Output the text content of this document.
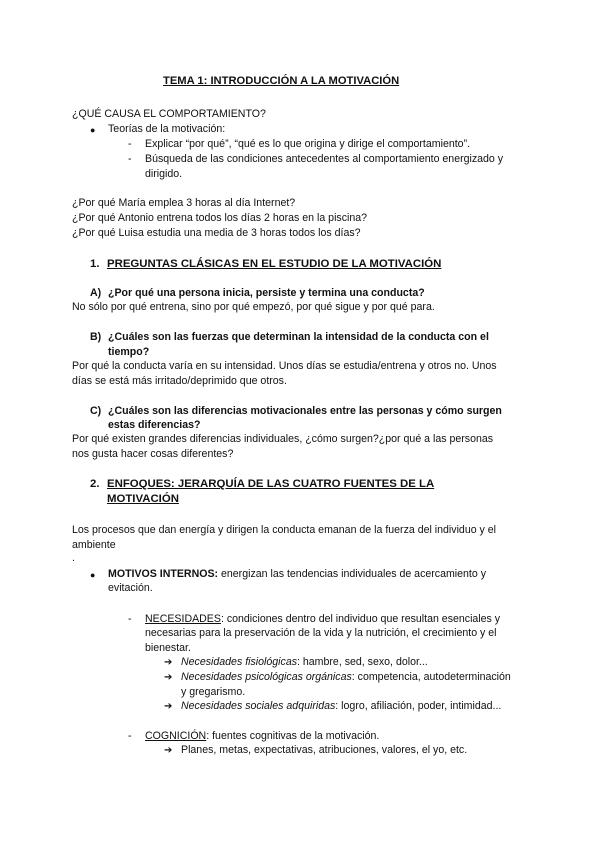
TEMA 1: INTRODUCCIÓN A LA MOTIVACIÓN
¿QUÉ CAUSA EL COMPORTAMIENTO?
● Teorías de la motivación:
- Explicar “por qué”, “qué es lo que origina y dirige el comportamiento”.
- Búsqueda de las condiciones antecedentes al comportamiento energizado y
dirigido.
¿Por qué María emplea 3 horas al día Internet?
¿Por qué Antonio entrena todos los días 2 horas en la piscina?
¿Por qué Luisa estudia una media de 3 horas todos los días?
1. PREGUNTAS CLÁSICAS EN EL ESTUDIO DE LA MOTIVACIÓN
A) ¿Por qué una persona inicia, persiste y termina una conducta?
No sólo por qué entrena, sino por qué empezó, por qué sigue y por qué para.
B) ¿Cuáles son las fuerzas que determinan la intensidad de la conducta con el
tiempo?
Por qué la conducta varía en su intensidad. Unos días se estudia/entrena y otros no. Unos
días se está más irritado/deprimido que otros.
C) ¿Cuáles son las diferencias motivacionales entre las personas y cómo surgen
estas diferencias?
Por qué existen grandes diferencias individuales, ¿cómo surgen?¿por qué a las personas
nos gusta hacer cosas diferentes?
2. ENFOQUES: JERARQUÍA DE LAS CUATRO FUENTES DE LA
MOTIVACIÓN
Los procesos que dan energía y dirigen la conducta emanan de la fuerza del individuo y el
ambiente
.
● MOTIVOS INTERNOS: energizan las tendencias individuales de acercamiento y
evitación.
- NECESIDADES: condiciones dentro del individuo que resultan esenciales y
necesarias para la preservación de la vida y la nutrición, el crecimiento y el
bienestar.
➔ Necesidades fisiológicas: hambre, sed, sexo, dolor...
➔ Necesidades psicológicas orgánicas: competencia, autodeterminación
y gregarismo.
➔ Necesidades sociales adquiridas: logro, afiliación, poder, intimidad...
- COGNICIÓN: fuentes cognitivas de la motivación.
➔ Planes, metas, expectativas, atribuciones, valores, el yo, etc.
